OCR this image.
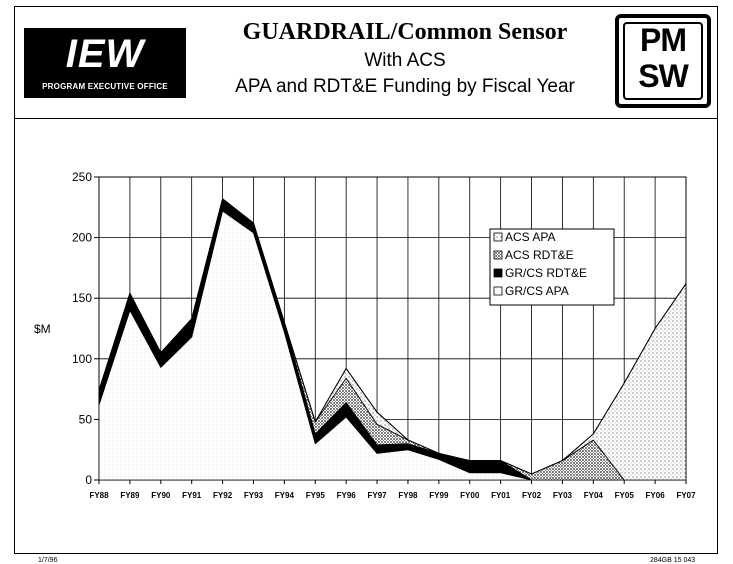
IEW
PROGRAM EXECUTIVE OFFICE
GUARDRAIL/Common Sensor
With ACS
APA and RDT&E Funding by Fiscal Year
PM
SW
0
50
100
150
200
250
FY88 FY89 FY90 FY91 FY92 FY93 FY94 FY95 FY96 FY97 FY98 FY99 FY00 FY01 FY02 FY03 FY04 FY05 FY06 FY07
$M
ACS APA
ACS RDT&E
GR/CS RDT&E
GR/CS APA
1/7/96	284GB 15 043
